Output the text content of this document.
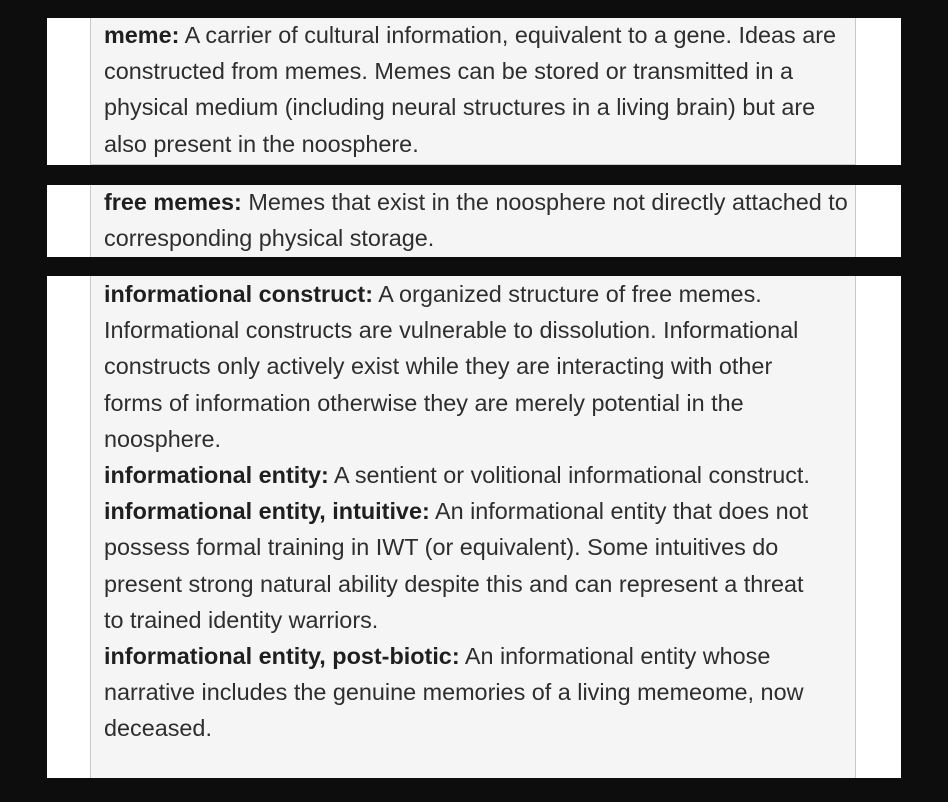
meme: A carrier of cultural information, equivalent to a gene. Ideas are constructed from memes. Memes can be stored or transmitted in a physical medium (including neural structures in a living brain) but are also present in the noosphere.

free memes: Memes that exist in the noosphere not directly attached to corresponding physical storage.

informational construct: A organized structure of free memes. Informational constructs are vulnerable to dissolution. Informational constructs only actively exist while they are interacting with other forms of information otherwise they are merely potential in the noosphere.

informational entity: A sentient or volitional informational construct.

informational entity, intuitive: An informational entity that does not possess formal training in IWT (or equivalent). Some intuitives do present strong natural ability despite this and can represent a threat to trained identity warriors.

informational entity, post-biotic: An informational entity whose narrative includes the genuine memories of a living memeome, now deceased.
